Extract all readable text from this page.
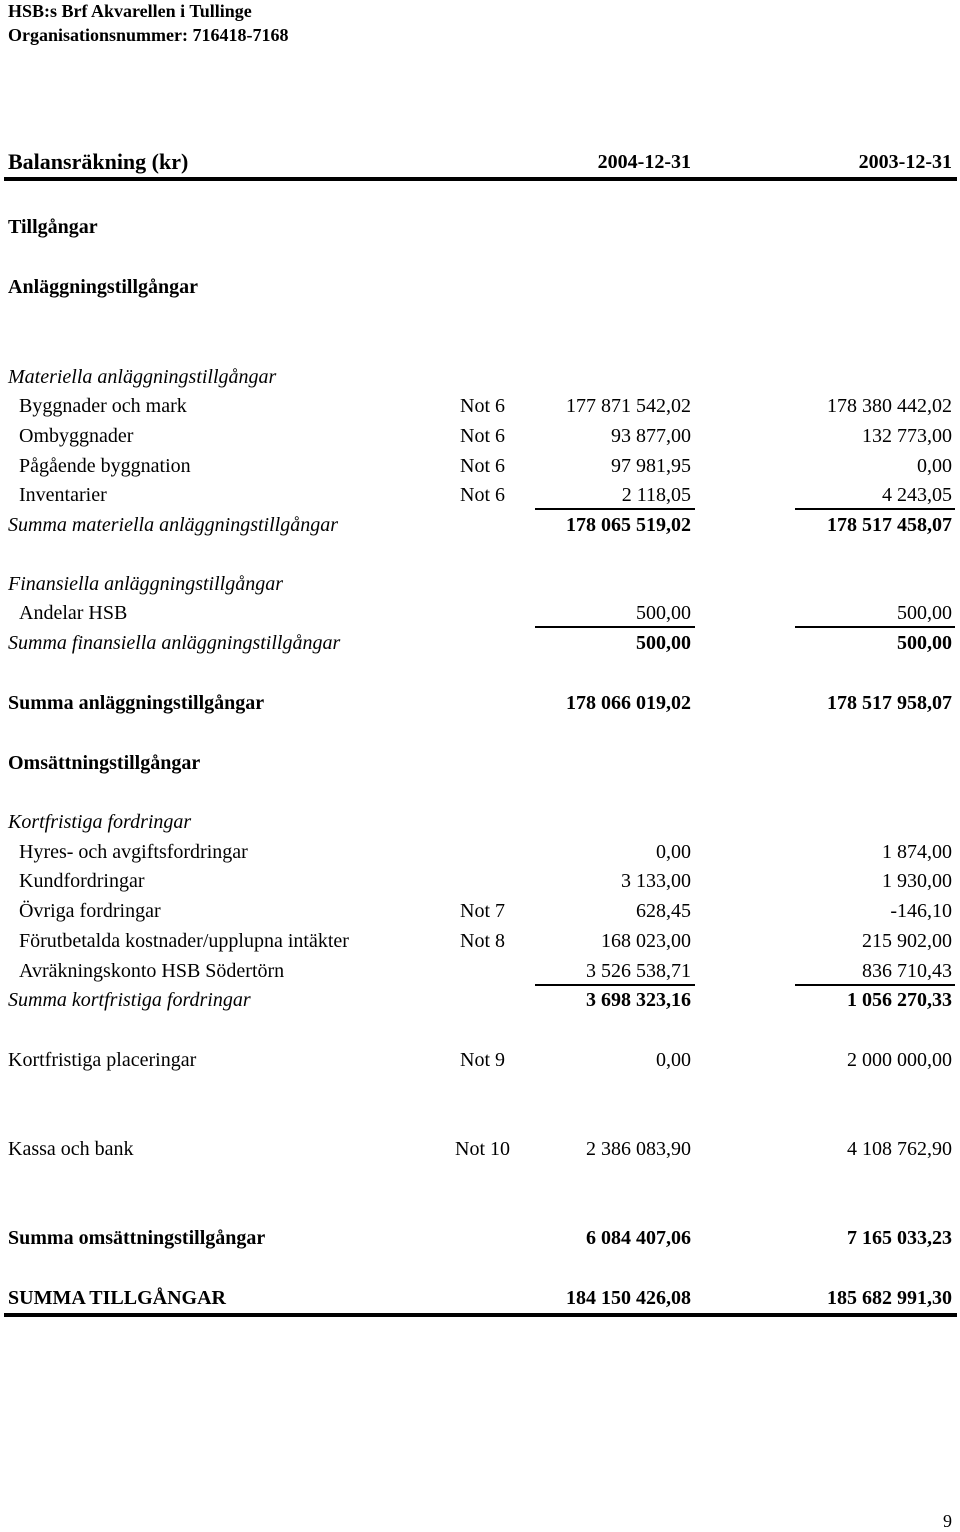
HSB:s Brf Akvarellen i Tullinge
Organisationsnummer: 716418-7168
Balansräkning (kr)	2004-12-31	2003-12-31
Tillgångar
Anläggningstillgångar
Materiella anläggningstillgångar
Byggnader och mark	Not 6	177 871 542,02	178 380 442,02
Ombyggnader	Not 6	93 877,00	132 773,00
Pågående byggnation	Not 6	97 981,95	0,00
Inventarier	Not 6	2 118,05	4 243,05
Summa materiella anläggningstillgångar	178 065 519,02	178 517 458,07
Finansiella anläggningstillgångar
Andelar HSB	500,00	500,00
Summa finansiella anläggningstillgångar	500,00	500,00
Summa anläggningstillgångar	178 066 019,02	178 517 958,07
Omsättningstillgångar
Kortfristiga fordringar
Hyres- och avgiftsfordringar	0,00	1 874,00
Kundfordringar	3 133,00	1 930,00
Övriga fordringar	Not 7	628,45	-146,10
Förutbetalda kostnader/upplupna intäkter	Not 8	168 023,00	215 902,00
Avräkningskonto HSB Södertörn	3 526 538,71	836 710,43
Summa kortfristiga fordringar	3 698 323,16	1 056 270,33
Kortfristiga placeringar	Not 9	0,00	2 000 000,00
Kassa och bank	Not 10	2 386 083,90	4 108 762,90
Summa omsättningstillgångar	6 084 407,06	7 165 033,23
SUMMA TILLGÅNGAR	184 150 426,08	185 682 991,30
9
